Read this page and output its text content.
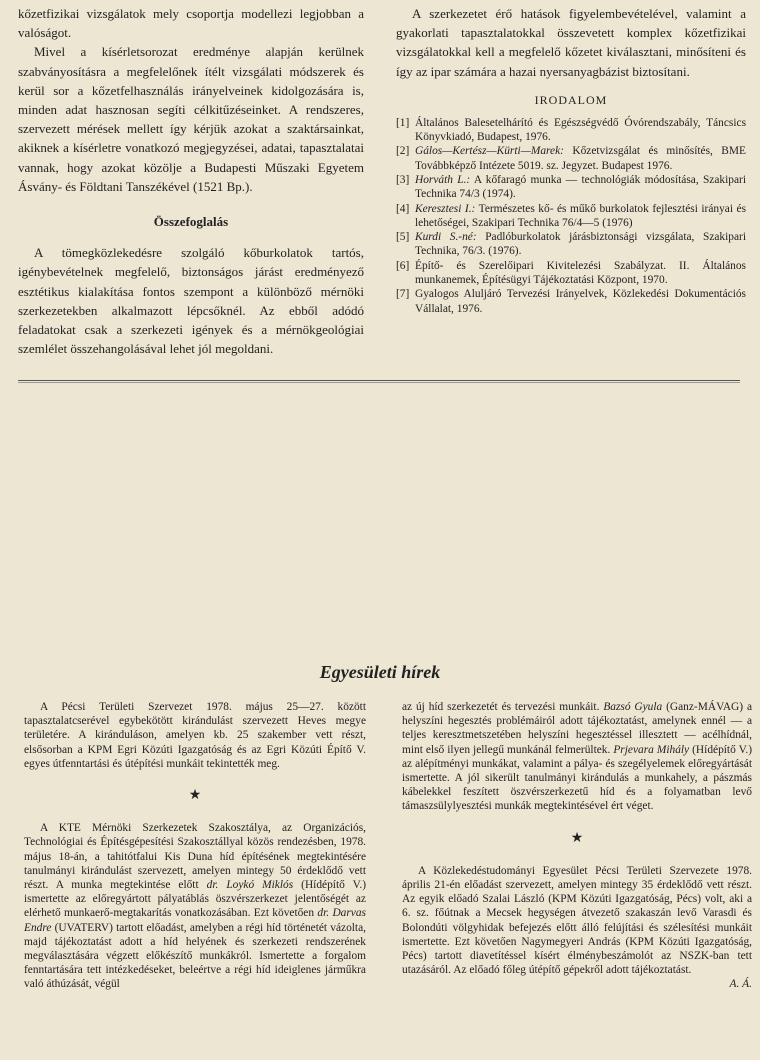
kőzetfizikai vizsgálatok mely csoportja modellezi legjobban a valóságot.

Mivel a kísérletsorozat eredménye alapján kerülnek szabványosításra a megfelelőnek ítélt vizsgálati módszerek és kerül sor a kőzetfelhasználás irányelveinek kidolgozására is, minden adat hasznosan segíti célkitűzéseinket. A rendszeres, szervezett mérések mellett így kérjük azokat a szaktársainkat, akiknek a kísérletre vonatkozó megjegyzései, adatai, tapasztalatai vannak, hogy azokat közölje a Budapesti Műszaki Egyetem Ásvány- és Földtani Tanszékével (1521 Bp.).

Összefoglalás

A tömegközlekedésre szolgáló kőburkolatok tartós, igénybevételnek megfelelő, biztonságos járást eredményező esztétikus kialakítása fontos szempont a különböző mérnöki szerkezetekben alkalmazott lépcsőknél. Az ebből adódó feladatokat csak a szerkezeti igények és a mérnökgeológiai szemlélet összehangolásával lehet jól megoldani.

A szerkezetet érő hatások figyelembevételével, valamint a gyakorlati tapasztalatokkal összevetett komplex kőzetfizikai vizsgálatokkal kell a megfelelő kőzetet kiválasztani, minősíteni és így az ipar számára a hazai nyersanyagbázist biztosítani.

IRODALOM
[1] Általános Balesetelhárító és Egészségvédő Óvórendszabály, Táncsics Könyvkiadó, Budapest, 1976.
[2] Gálos—Kertész—Kürti—Marek: Kőzetvizsgálat és minősítés, BME Továbbképző Intézete 5019. sz. Jegyzet. Budapest 1976.
[3] Horváth L.: A kőfaragó munka — technológiák módosítása, Szakipari Technika 74/3 (1974).
[4] Keresztesi I.: Természetes kő- és műkő burkolatok fejlesztési irányai és lehetőségei, Szakipari Technika 76/4—5 (1976)
[5] Kurdi S.-né: Padlóburkolatok járásbiztonsági vizsgálata, Szakipari Technika, 76/3. (1976).
[6] Építő- és Szerelőipari Kivitelezési Szabályzat. II. Általános munkanemek, Építésügyi Tájékoztatási Központ, 1970.
[7] Gyalogos Aluljáró Tervezési Irányelvek, Közlekedési Dokumentációs Vállalat, 1976.
Egyesületi hírek

A Pécsi Területi Szervezet 1978. május 25—27. között tapasztalatcserével egybekötött kirándulást szervezett Heves megye területére. A kiránduláson, amelyen kb. 25 szakember vett részt, elsősorban a KPM Egri Közúti Igazgatóság és az Egri Közúti Építő V. egyes útfenntartási és útépítési munkáit tekintették meg.

★

A KTE Mérnöki Szerkezetek Szakosztálya, az Organizációs, Technológiai és Építésgépesítési Szakosztállyal közös rendezésben, 1978. május 18-án, a tahitótfalui Kis Duna híd építésének megtekintésére tanulmányi kirándulást szervezett, amelyen mintegy 50 érdeklődő vett részt. A munka megtekintése előtt dr. Loykó Miklós (Hídépítő V.) ismertette az előregyártott pályatáblás öszvérszerkezet jelentőségét az elérhető munkaerő-megtakarítás vonatkozásában. Ezt követően dr. Darvas Endre (UVATERV) tartott előadást, amelyben a régi híd történetét vázolta, majd tájékoztatást adott a híd helyének és szerkezeti rendszerének megválasztására végzett előkészítő munkákról. Ismertette a forgalom fenntartására tett intézkedéseket, beleértve a régi híd ideiglenes járműkra való áthúzását, végül

az új híd szerkezetét és tervezési munkáit. Bazsó Gyula (Ganz-MÁVAG) a helyszíni hegesztés problémáiról adott tájékoztatást, amelynek ennél — a teljes keresztmetszetében helyszíni hegesztéssel illesztett — acélhídnál, mint első ilyen jellegű munkánál felmerültek. Prjevara Mihály (Hídépítő V.) az alépítményi munkákat, valamint a pálya- és szegélyelemek előregyártását ismertette. A jól sikerült tanulmányi kirándulás a munkahely, a pászmás kábelekkel feszített öszvérszerkezetű híd és a folyamatban levő támaszsülylyesztési munkák megtekintésével ért véget.

★

A Közlekedéstudományi Egyesület Pécsi Területi Szervezete 1978. április 21-én előadást szervezett, amelyen mintegy 35 érdeklődő vett részt. Az egyik előadó Szalai László (KPM Közúti Igazgatóság, Pécs) volt, aki a 6. sz. főútnak a Mecsek hegységen átvezető szakaszán levő Varasdi és Bolondúti völgyhidak befejezés előtt álló felújítási és szélesítési munkáit ismertette. Ezt követően Nagymegyeri András (KPM Közúti Igazgatóság, Pécs) tartott diavetítéssel kísért élménybeszámolót az NSZK-ban tett utazásáról. Az előadó főleg útépítő gépekről adott tájékoztatást.

A. Á.
